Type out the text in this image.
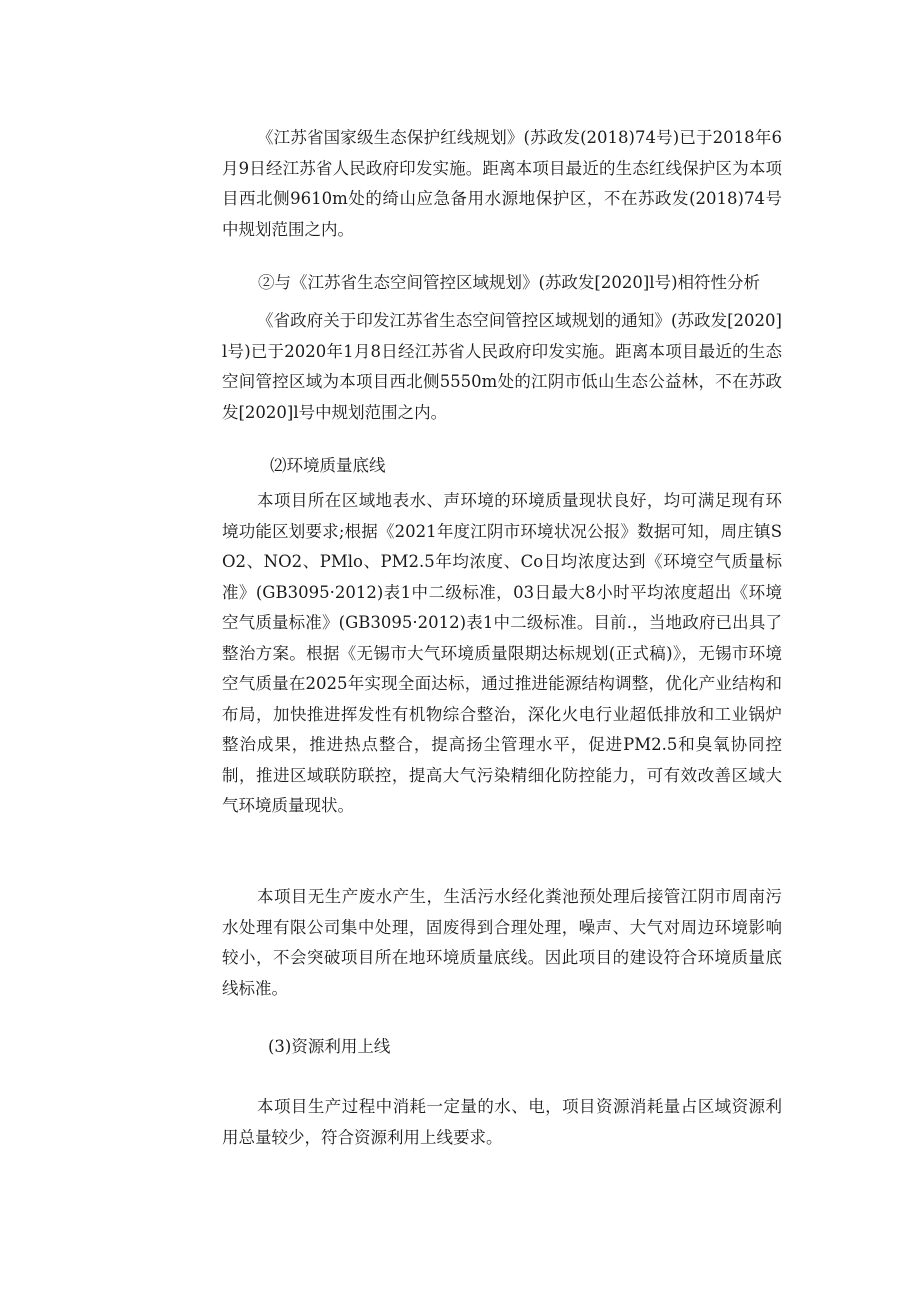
《江苏省国家级生态保护红线规划》(苏政发(2018)74号)已于2018年6月9日经江苏省人民政府印发实施。距离本项目最近的生态红线保护区为本项目西北侧9610m处的绮山应急备用水源地保护区，不在苏政发(2018)74号中规划范围之内。

②与《江苏省生态空间管控区域规划》(苏政发[2020]l号)相符性分析

《省政府关于印发江苏省生态空间管控区域规划的通知》(苏政发[2020]l号)已于2020年1月8日经江苏省人民政府印发实施。距离本项目最近的生态空间管控区域为本项目西北侧5550m处的江阴市低山生态公益林，不在苏政发[2020]l号中规划范围之内。

⑵环境质量底线

本项目所在区域地表水、声环境的环境质量现状良好，均可满足现有环境功能区划要求;根据《2021年度江阴市环境状况公报》数据可知，周庄镇SO2、NO2、PMlo、PM2.5年均浓度、Co日均浓度达到《环境空气质量标准》(GB3095·2012)表1中二级标准，03日最大8小时平均浓度超出《环境空气质量标准》(GB3095·2012)表1中二级标准。目前.，当地政府已出具了整治方案。根据《无锡市大气环境质量限期达标规划(正式稿)》，无锡市环境空气质量在2025年实现全面达标，通过推进能源结构调整，优化产业结构和布局，加快推进挥发性有机物综合整治，深化火电行业超低排放和工业锅炉整治成果，推进热点整合，提高扬尘管理水平，促进PM2.5和臭氧协同控制，推进区域联防联控，提高大气污染精细化防控能力，可有效改善区域大气环境质量现状。

本项目无生产废水产生，生活污水经化粪池预处理后接管江阴市周南污水处理有限公司集中处理，固废得到合理处理，噪声、大气对周边环境影响较小，不会突破项目所在地环境质量底线。因此项目的建设符合环境质量底线标准。

(3)资源利用上线

本项目生产过程中消耗一定量的水、电，项目资源消耗量占区域资源利用总量较少，符合资源利用上线要求。
